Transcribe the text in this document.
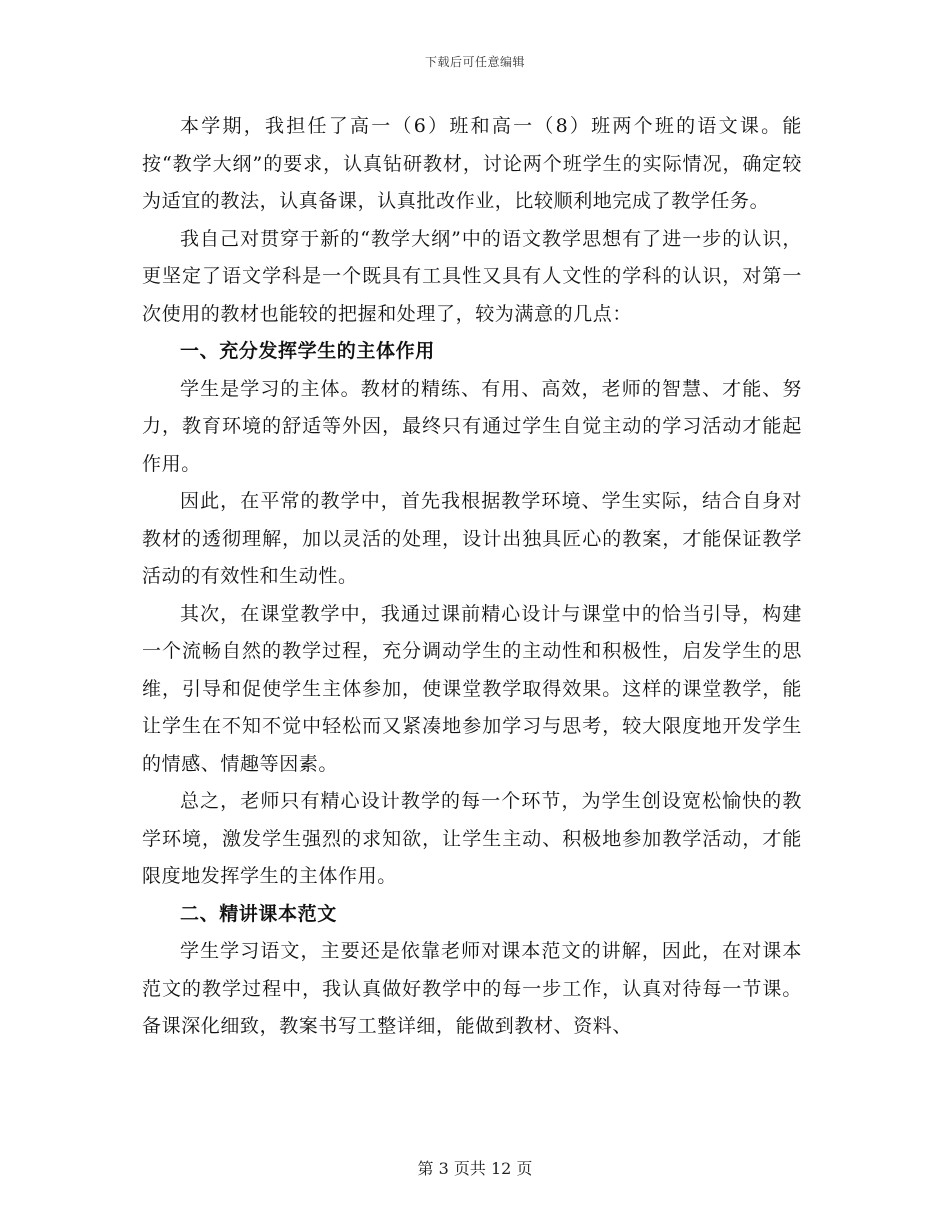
下载后可任意编辑

本学期，我担任了高一（6）班和高一（8）班两个班的语文课。能按“教学大纲”的要求，认真钻研教材，讨论两个班学生的实际情况，确定较为适宜的教法，认真备课，认真批改作业，比较顺利地完成了教学任务。

我自己对贯穿于新的“教学大纲”中的语文教学思想有了进一步的认识，更坚定了语文学科是一个既具有工具性又具有人文性的学科的认识，对第一次使用的教材也能较的把握和处理了，较为满意的几点：

一、充分发挥学生的主体作用

学生是学习的主体。教材的精练、有用、高效，老师的智慧、才能、努力，教育环境的舒适等外因，最终只有通过学生自觉主动的学习活动才能起作用。

因此，在平常的教学中，首先我根据教学环境、学生实际，结合自身对教材的透彻理解，加以灵活的处理，设计出独具匠心的教案，才能保证教学活动的有效性和生动性。

其次，在课堂教学中，我通过课前精心设计与课堂中的恰当引导，构建一个流畅自然的教学过程，充分调动学生的主动性和积极性，启发学生的思维，引导和促使学生主体参加，使课堂教学取得效果。这样的课堂教学，能让学生在不知不觉中轻松而又紧凑地参加学习与思考，较大限度地开发学生的情感、情趣等因素。

总之，老师只有精心设计教学的每一个环节，为学生创设宽松愉快的教学环境，激发学生强烈的求知欲，让学生主动、积极地参加教学活动，才能限度地发挥学生的主体作用。

二、精讲课本范文

学生学习语文，主要还是依靠老师对课本范文的讲解，因此，在对课本范文的教学过程中，我认真做好教学中的每一步工作，认真对待每一节课。备课深化细致，教案书写工整详细，能做到教材、资料、

第 3 页共 12 页
